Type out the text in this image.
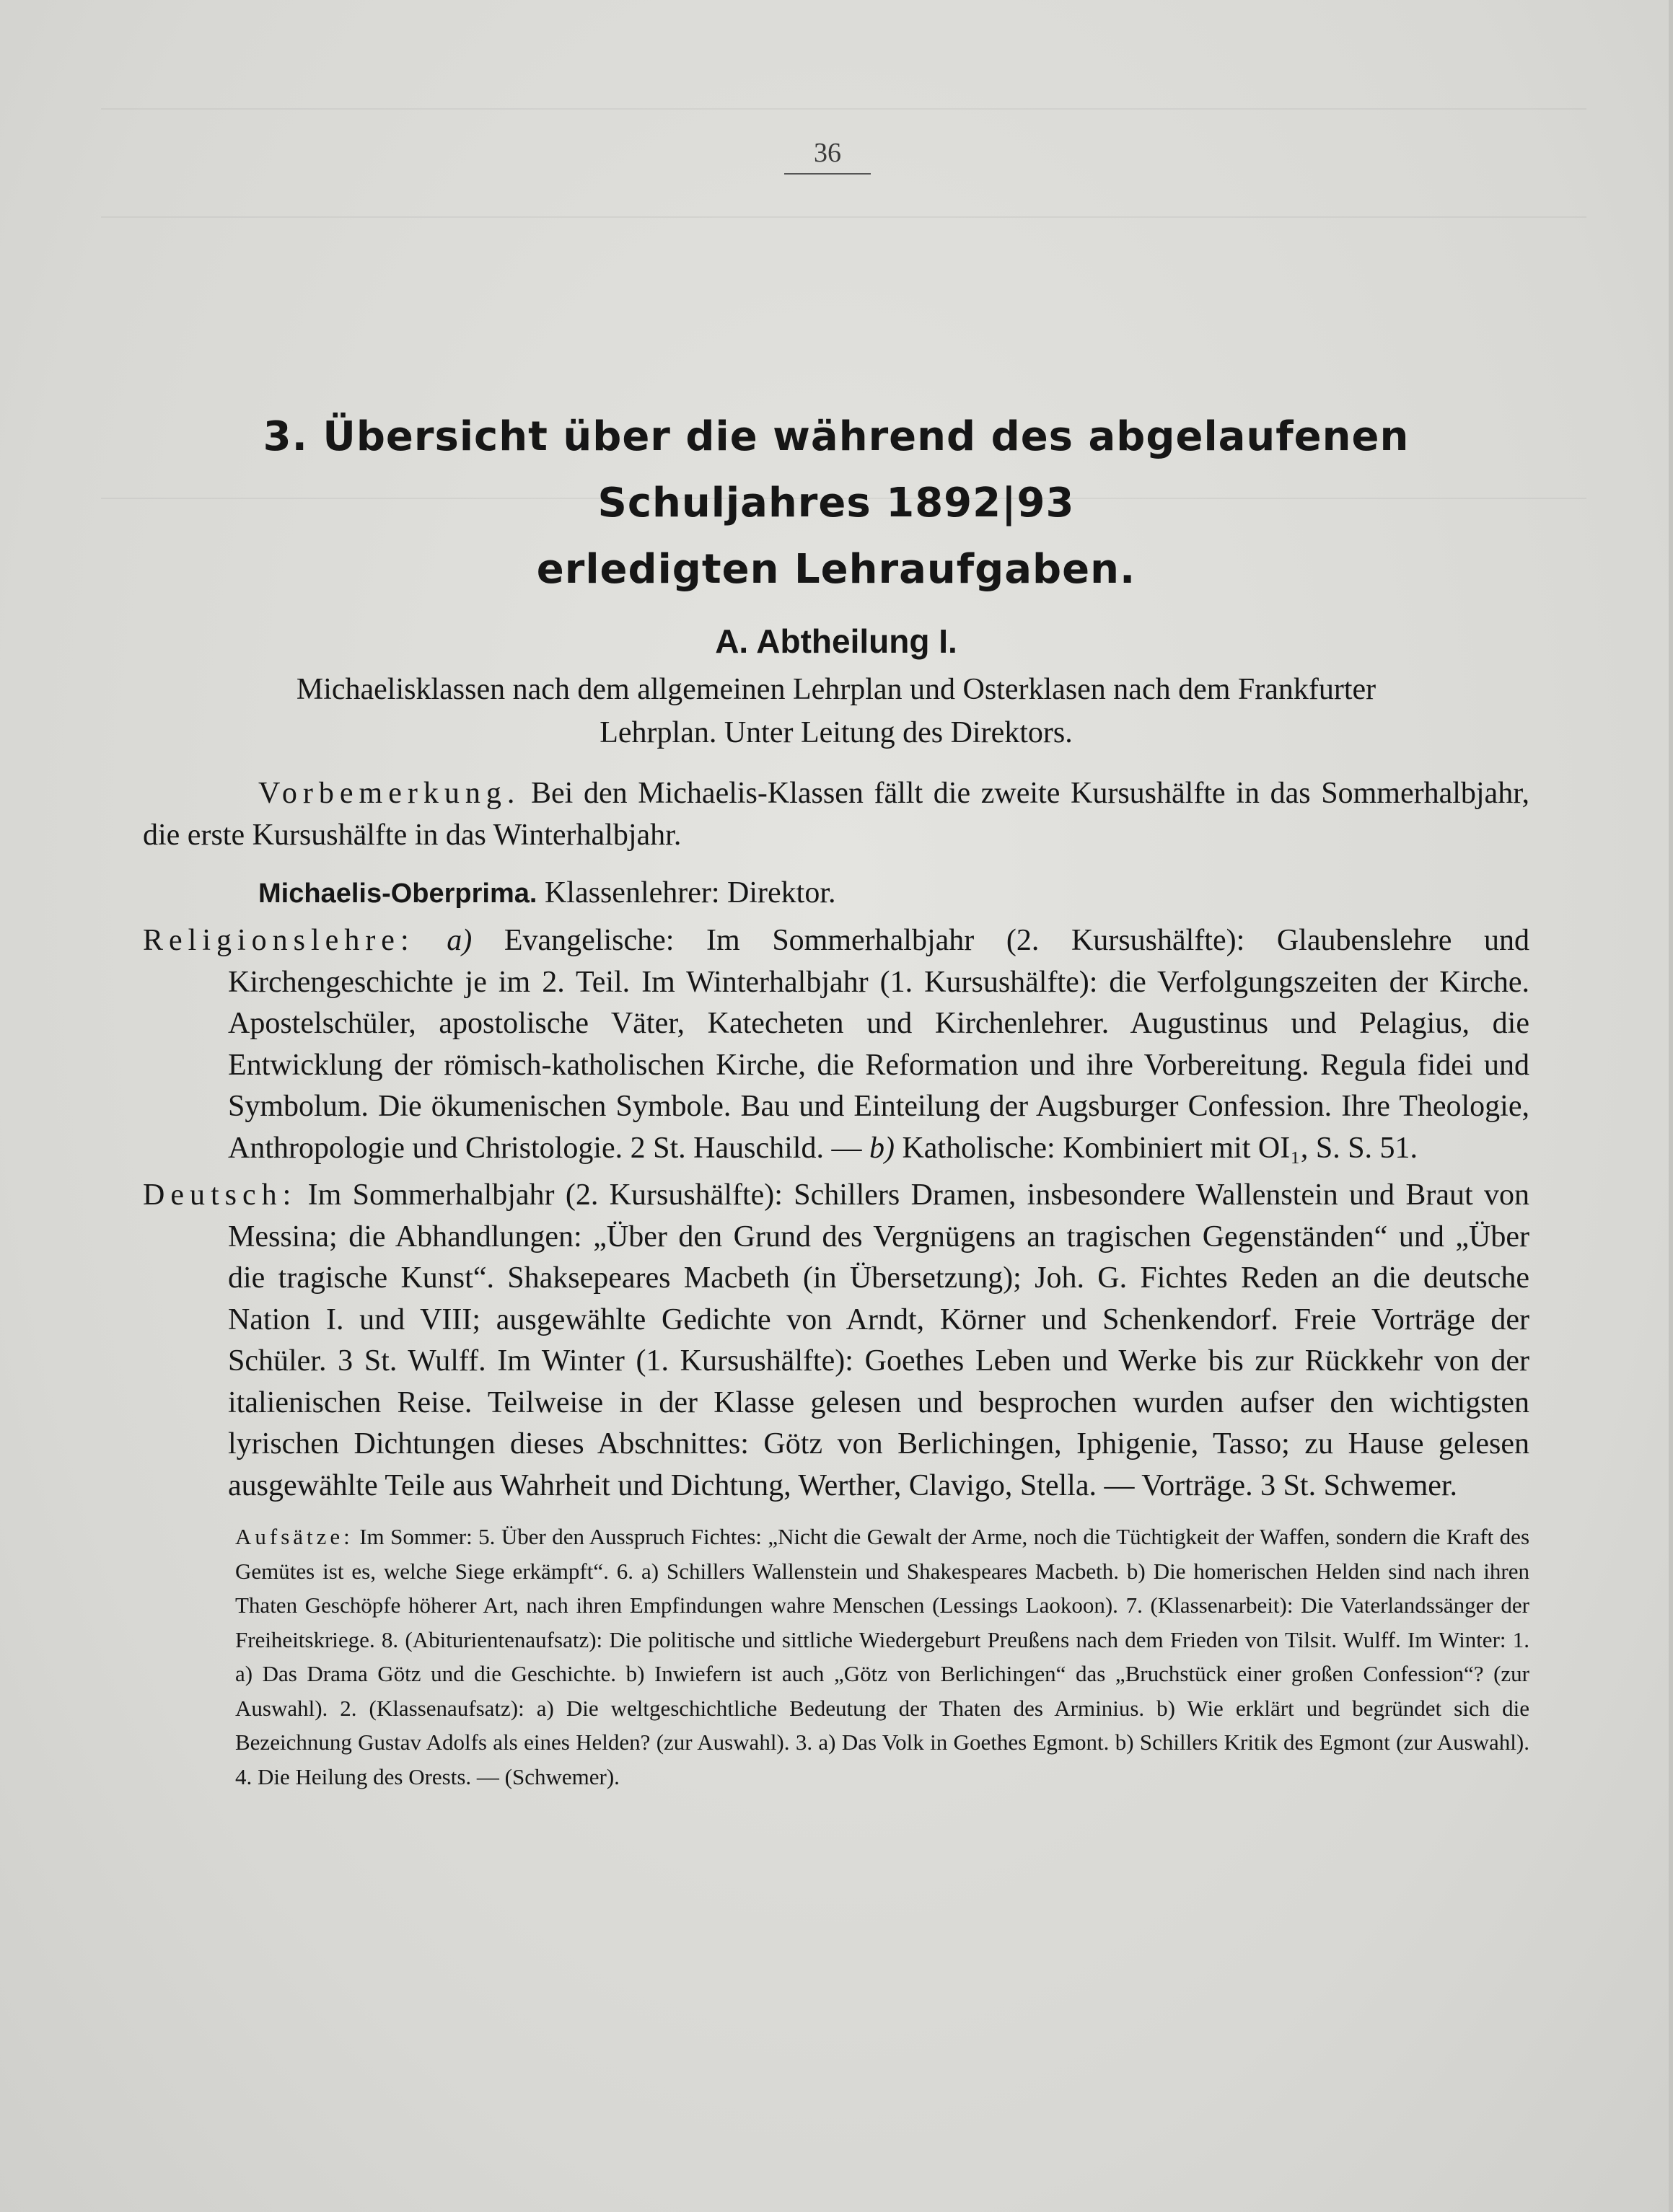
36
3. Übersicht über die während des abgelaufenen Schuljahres 1892|93
erledigten Lehraufgaben.
A. Abtheilung I.

Michaelisklassen nach dem allgemeinen Lehrplan und Osterklasen nach dem Frankfurter
Lehrplan. Unter Leitung des Direktors.

Vorbemerkung. Bei den Michaelis-Klassen fällt die zweite Kursushälfte in das Sommerhalbjahr, die erste Kursushälfte in das Winterhalbjahr.

Michaelis-Oberprima. Klassenlehrer: Direktor.

Religionslehre: a) Evangelische: Im Sommerhalbjahr (2. Kursushälfte): Glaubenslehre und Kirchengeschichte je im 2. Teil. Im Winterhalbjahr (1. Kursushälfte): die Verfolgungszeiten der Kirche. Apostelschüler, apostolische Väter, Katecheten und Kirchenlehrer. Augustinus und Pelagius, die Entwicklung der römisch-katholischen Kirche, die Reformation und ihre Vorbereitung. Regula fidei und Symbolum. Die ökumenischen Symbole. Bau und Einteilung der Augsburger Confession. Ihre Theologie, Anthropologie und Christologie. 2 St. Hauschild. — b) Katholische: Kombiniert mit OI₁, S. S. 51.

Deutsch: Im Sommerhalbjahr (2. Kursushälfte): Schillers Dramen, insbesondere Wallenstein und Braut von Messina; die Abhandlungen: „Über den Grund des Vergnügens an tragischen Gegenständen“ und „Über die tragische Kunst“. Shaksepeares Macbeth (in Übersetzung); Joh. G. Fichtes Reden an die deutsche Nation I. und VIII; ausgewählte Gedichte von Arndt, Körner und Schenkendorf. Freie Vorträge der Schüler. 3 St. Wulff. Im Winter (1. Kursushälfte): Goethes Leben und Werke bis zur Rückkehr von der italienischen Reise. Teilweise in der Klasse gelesen und besprochen wurden aufser den wichtigsten lyrischen Dichtungen dieses Abschnittes: Götz von Berlichingen, Iphigenie, Tasso; zu Hause gelesen ausgewählte Teile aus Wahrheit und Dichtung, Werther, Clavigo, Stella. — Vorträge. 3 St. Schwemer.

Aufsätze: Im Sommer: 5. Über den Ausspruch Fichtes: „Nicht die Gewalt der Arme, noch die Tüchtigkeit der Waffen, sondern die Kraft des Gemütes ist es, welche Siege erkämpft“. 6. a) Schillers Wallenstein und Shakespeares Macbeth. b) Die homerischen Helden sind nach ihren Thaten Geschöpfe höherer Art, nach ihren Empfindungen wahre Menschen (Lessings Laokoon). 7. (Klassenarbeit): Die Vaterlandssänger der Freiheitskriege. 8. (Abiturientenaufsatz): Die politische und sittliche Wiedergeburt Preußens nach dem Frieden von Tilsit. Wulff. Im Winter: 1. a) Das Drama Götz und die Geschichte. b) Inwiefern ist auch „Götz von Berlichingen“ das „Bruchstück einer großen Confession“? (zur Auswahl). 2. (Klassenaufsatz): a) Die weltgeschichtliche Bedeutung der Thaten des Arminius. b) Wie erklärt und begründet sich die Bezeichnung Gustav Adolfs als eines Helden? (zur Auswahl). 3. a) Das Volk in Goethes Egmont. b) Schillers Kritik des Egmont (zur Auswahl). 4. Die Heilung des Orests. — (Schwemer).
